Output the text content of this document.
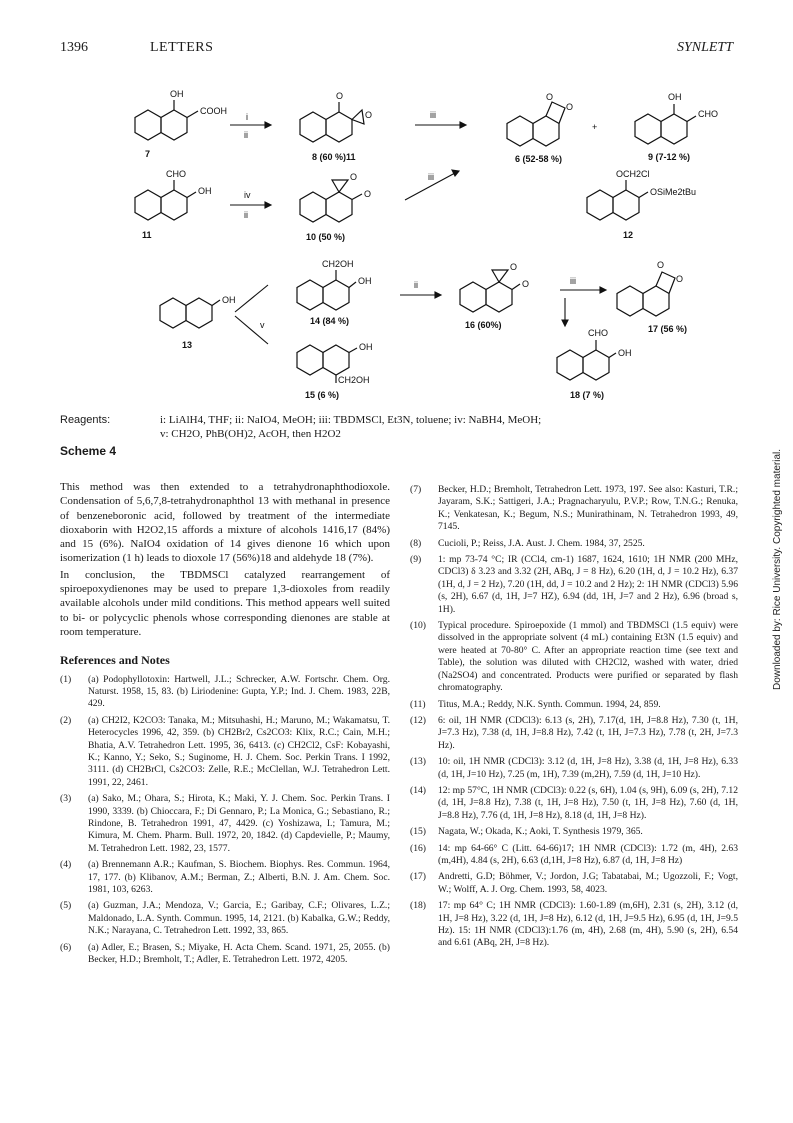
1396	LETTERS	SYNLETT
OH
COOH
7
i
ii
O
O
8 (60 %)11
iii
O
O
6 (52-58 %)
+
OH
CHO
9 (7-12 %)
CHO
OH
11
iv
ii
O
O
10 (50 %)
iii	OCH2Cl
OSiMe2tBu
12
OH
13
v
CH2OH
OH
14 (84 %)
OH
CH2OH
15 (6 %)
ii
O
O
16 (60%)
iii
O
O
17 (56 %)
CHO
OH
18 (7 %)
Reagents:	i: LiAlH4, THF; ii: NaIO4, MeOH; iii: TBDMSCl, Et3N, toluene; iv: NaBH4, MeOH;
v: CH2O, PhB(OH)2, AcOH, then H2O2
Scheme 4

This method was then extended to a tetrahydronaphthodioxole. Condensation of 5,6,7,8-tetrahydronaphthol 13 with methanal in presence of benzeneboronic acid, followed by treatment of the intermediate dioxaborin with H2O2,15 affords a mixture of alcohols 1416,17 (84%) and 15 (6%). NaIO4 oxidation of 14 gives dienone 16 which upon isomerization (1 h) leads to dioxole 17 (56%)18 and aldehyde 18 (7%).

In conclusion, the TBDMSCl catalyzed rearrangement of spiroepoxydienones may be used to prepare 1,3-dioxoles from readily available alcohols under mild conditions. This method appears well suited to bi- or polycyclic phenols whose corresponding dienones are stable at room temperature.

References and Notes
(1)	(a) Podophyllotoxin: Hartwell, J.L.; Schrecker, A.W. Fortschr. Chem. Org. Naturst. 1958, 15, 83. (b) Liriodenine: Gupta, Y.P.; Ind. J. Chem. 1983, 22B, 429.
(2)	(a) CH2I2, K2CO3: Tanaka, M.; Mitsuhashi, H.; Maruno, M.; Wakamatsu, T. Heterocycles 1996, 42, 359. (b) CH2Br2, Cs2CO3: Klix, R.C.; Cain, M.H.; Bhatia, A.V. Tetrahedron Lett. 1995, 36, 6413. (c) CH2Cl2, CsF: Kobayashi, K.; Kanno, Y.; Seko, S.; Suginome, H. J. Chem. Soc. Perkin Trans. I 1992, 3111. (d) CH2BrCl, Cs2CO3: Zelle, R.E.; McClellan, W.J. Tetrahedron Lett. 1991, 22, 2461.
(3)	(a) Sako, M.; Ohara, S.; Hirota, K.; Maki, Y. J. Chem. Soc. Perkin Trans. I 1990, 3339. (b) Chioccara, F.; Di Gennaro, P.; La Monica, G.; Sebastiano, R.; Rindone, B. Tetrahedron 1991, 47, 4429. (c) Yoshizawa, I.; Tamura, M.; Kimura, M. Chem. Pharm. Bull. 1972, 20, 1842. (d) Capdevielle, P.; Maumy, M. Tetrahedron Lett. 1982, 23, 1577.
(4)	(a) Brennemann A.R.; Kaufman, S. Biochem. Biophys. Res. Commun. 1964, 17, 177. (b) Klibanov, A.M.; Berman, Z.; Alberti, B.N. J. Am. Chem. Soc. 1981, 103, 6263.
(5)	(a) Guzman, J.A.; Mendoza, V.; Garcia, E.; Garibay, C.F.; Olivares, L.Z.; Maldonado, L.A. Synth. Commun. 1995, 14, 2121. (b) Kabalka, G.W.; Reddy, N.K.; Narayana, C. Tetrahedron Lett. 1992, 33, 865.
(6)	(a) Adler, E.; Brasen, S.; Miyake, H. Acta Chem. Scand. 1971, 25, 2055. (b) Becker, H.D.; Bremholt, T.; Adler, E. Tetrahedron Lett. 1972, 4205.
(7)	Becker, H.D.; Bremholt, Tetrahedron Lett. 1973, 197. See also: Kasturi, T.R.; Jayaram, S.K.; Sattigeri, J.A.; Pragnacharyulu, P.V.P.; Row, T.N.G.; Renuka, K.; Venkatesan, K.; Begum, N.S.; Munirathinam, N. Tetrahedron 1993, 49, 7145.
(8)	Cucioli, P.; Reiss, J.A. Aust. J. Chem. 1984, 37, 2525.
(9)	1: mp 73-74 °C; IR (CCl4, cm-1) 1687, 1624, 1610; 1H NMR (200 MHz, CDCl3) δ 3.23 and 3.32 (2H, ABq, J = 8 Hz), 6.20 (1H, d, J = 10.2 Hz), 6.37 (1H, d, J = 2 Hz), 7.20 (1H, dd, J = 10.2 and 2 Hz); 2: 1H NMR (CDCl3) 5.96 (s, 2H), 6.67 (d, 1H, J=7 HZ), 6.94 (dd, 1H, J=7 and 2 Hz), 6.96 (broad s, 1H).
(10)	Typical procedure. Spiroepoxide (1 mmol) and TBDMSCl (1.5 equiv) were dissolved in the appropriate solvent (4 mL) containing Et3N (1.5 equiv) and were heated at 70-80° C. After an appropriate reaction time (see text and Table), the solution was diluted with CH2Cl2, washed with water, dried (Na2SO4) and concentrated. Products were purified or separated by flash chromatography.
(11)	Titus, M.A.; Reddy, N.K. Synth. Commun. 1994, 24, 859.
(12)	6: oil, 1H NMR (CDCl3): 6.13 (s, 2H), 7.17(d, 1H, J=8.8 Hz), 7.30 (t, 1H, J=7.3 Hz), 7.38 (d, 1H, J=8.8 Hz), 7.42 (t, 1H, J=7.3 Hz), 7.78 (t, 2H, J=7.3 Hz).
(13)	10: oil, 1H NMR (CDCl3): 3.12 (d, 1H, J=8 Hz), 3.38 (d, 1H, J=8 Hz), 6.33 (d, 1H, J=10 Hz), 7.25 (m, 1H), 7.39 (m,2H), 7.59 (d, 1H, J=10 Hz).
(14)	12: mp 57°C, 1H NMR (CDCl3): 0.22 (s, 6H), 1.04 (s, 9H), 6.09 (s, 2H), 7.12 (d, 1H, J=8.8 Hz), 7.38 (t, 1H, J=8 Hz), 7.50 (t, 1H, J=8 Hz), 7.60 (d, 1H, J=8.8 Hz), 7.76 (d, 1H, J=8 Hz), 8.18 (d, 1H, J=8 Hz).
(15)	Nagata, W.; Okada, K.; Aoki, T. Synthesis 1979, 365.
(16)	14: mp 64-66° C (Litt. 64-66)17; 1H NMR (CDCl3): 1.72 (m, 4H), 2.63 (m,4H), 4.84 (s, 2H), 6.63 (d,1H, J=8 Hz), 6.87 (d, 1H, J=8 Hz)
(17)	Andretti, G.D; Böhmer, V.; Jordon, J.G; Tabatabai, M.; Ugozzoli, F.; Vogt, W.; Wolff, A. J. Org. Chem. 1993, 58, 4023.
(18)	17: mp 64° C; 1H NMR (CDCl3): 1.60-1.89 (m,6H), 2.31 (s, 2H), 3.12 (d, 1H, J=8 Hz), 3.22 (d, 1H, J=8 Hz), 6.12 (d, 1H, J=9.5 Hz), 6.95 (d, 1H, J=9.5 Hz). 15: 1H NMR (CDCl3):1.76 (m, 4H), 2.68 (m, 4H), 5.90 (s, 2H), 6.54 and 6.61 (ABq, 2H, J=8 Hz).
Downloaded by: Rice University. Copyrighted material.
